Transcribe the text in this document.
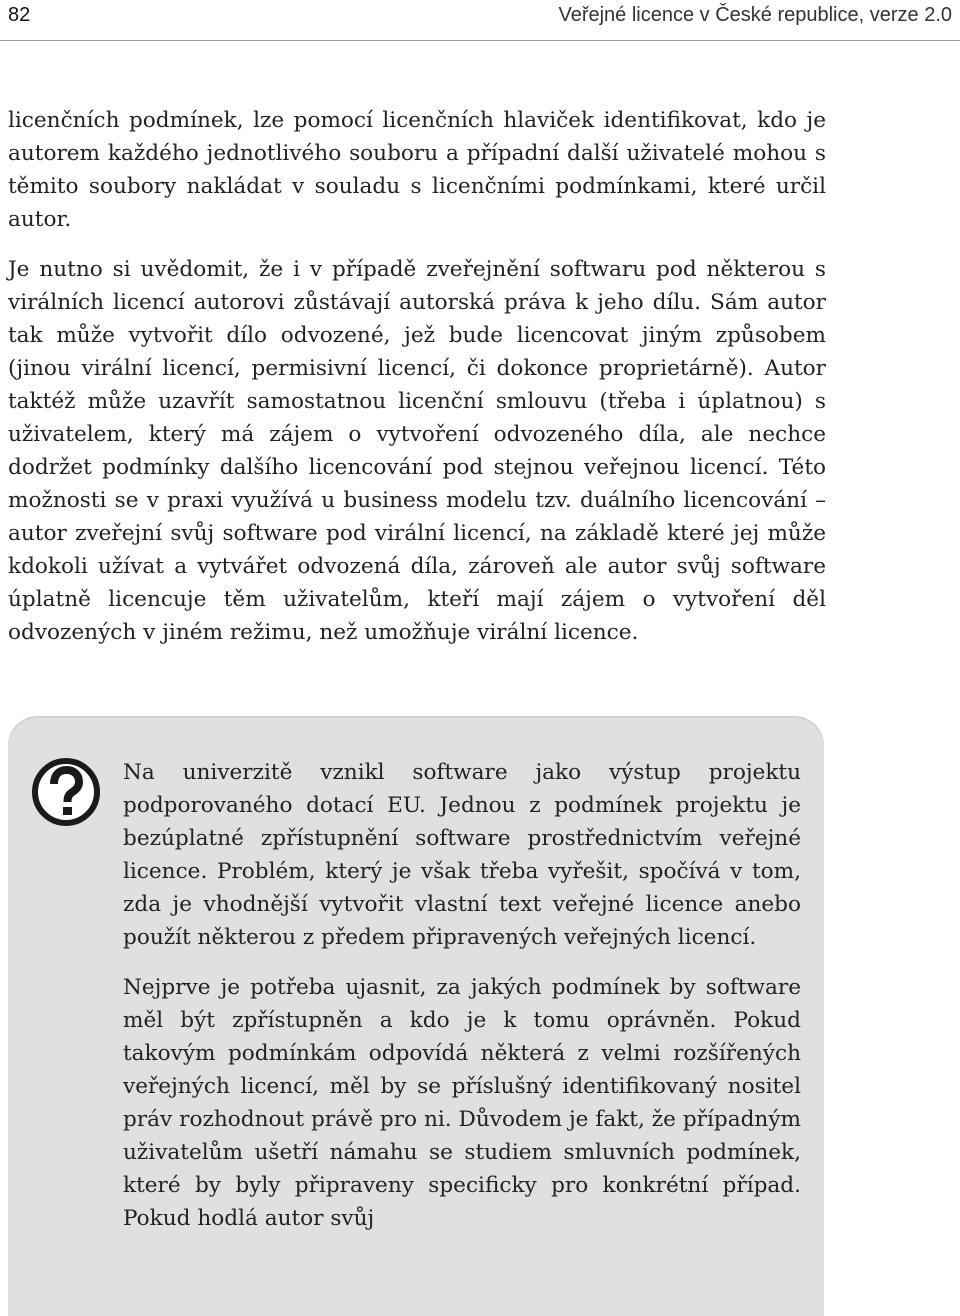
82	Veřejné licence v České republice, verze 2.0

licenčních podmínek, lze pomocí licenčních hlaviček identifikovat, kdo je autorem každého jednotlivého souboru a případní další uživatelé mohou s těmito soubory nakládat v souladu s licenčními podmínkami, které určil autor.

Je nutno si uvědomit, že i v případě zveřejnění softwaru pod některou s virálních licencí autorovi zůstávají autorská práva k jeho dílu. Sám autor tak může vytvořit dílo odvozené, jež bude licencovat jiným způsobem (jinou virální licencí, permisivní licencí, či dokonce proprietárně). Autor taktéž může uzavřít samostatnou licenční smlouvu (třeba i úplatnou) s uživatelem, který má zájem o vytvoření odvozeného díla, ale nechce dodržet podmínky dalšího licencování pod stejnou veřejnou licencí. Této možnosti se v praxi využívá u business modelu tzv. duálního licencování – autor zveřejní svůj software pod virální licencí, na základě které jej může kdokoli užívat a vytvářet odvozená díla, zároveň ale autor svůj software úplatně licencuje těm uživatelům, kteří mají zájem o vytvoření děl odvozených v jiném režimu, než umožňuje virální licence.

Na univerzitě vznikl software jako výstup projektu podporovaného dotací EU. Jednou z podmínek projektu je bezúplatné zpřístupnění software prostřednictvím veřejné licence. Problém, který je však třeba vyřešit, spočívá v tom, zda je vhodnější vytvořit vlastní text veřejné licence anebo použít některou z předem připravených veřejných licencí.

Nejprve je potřeba ujasnit, za jakých podmínek by software měl být zpřístupněn a kdo je k tomu oprávněn. Pokud takovým podmínkám odpovídá některá z velmi rozšířených veřejných licencí, měl by se příslušný identifikovaný nositel práv rozhodnout právě pro ni. Důvodem je fakt, že případným uživatelům ušetří námahu se studiem smluvních podmínek, které by byly připraveny specificky pro konkrétní případ. Pokud hodlá autor svůj
